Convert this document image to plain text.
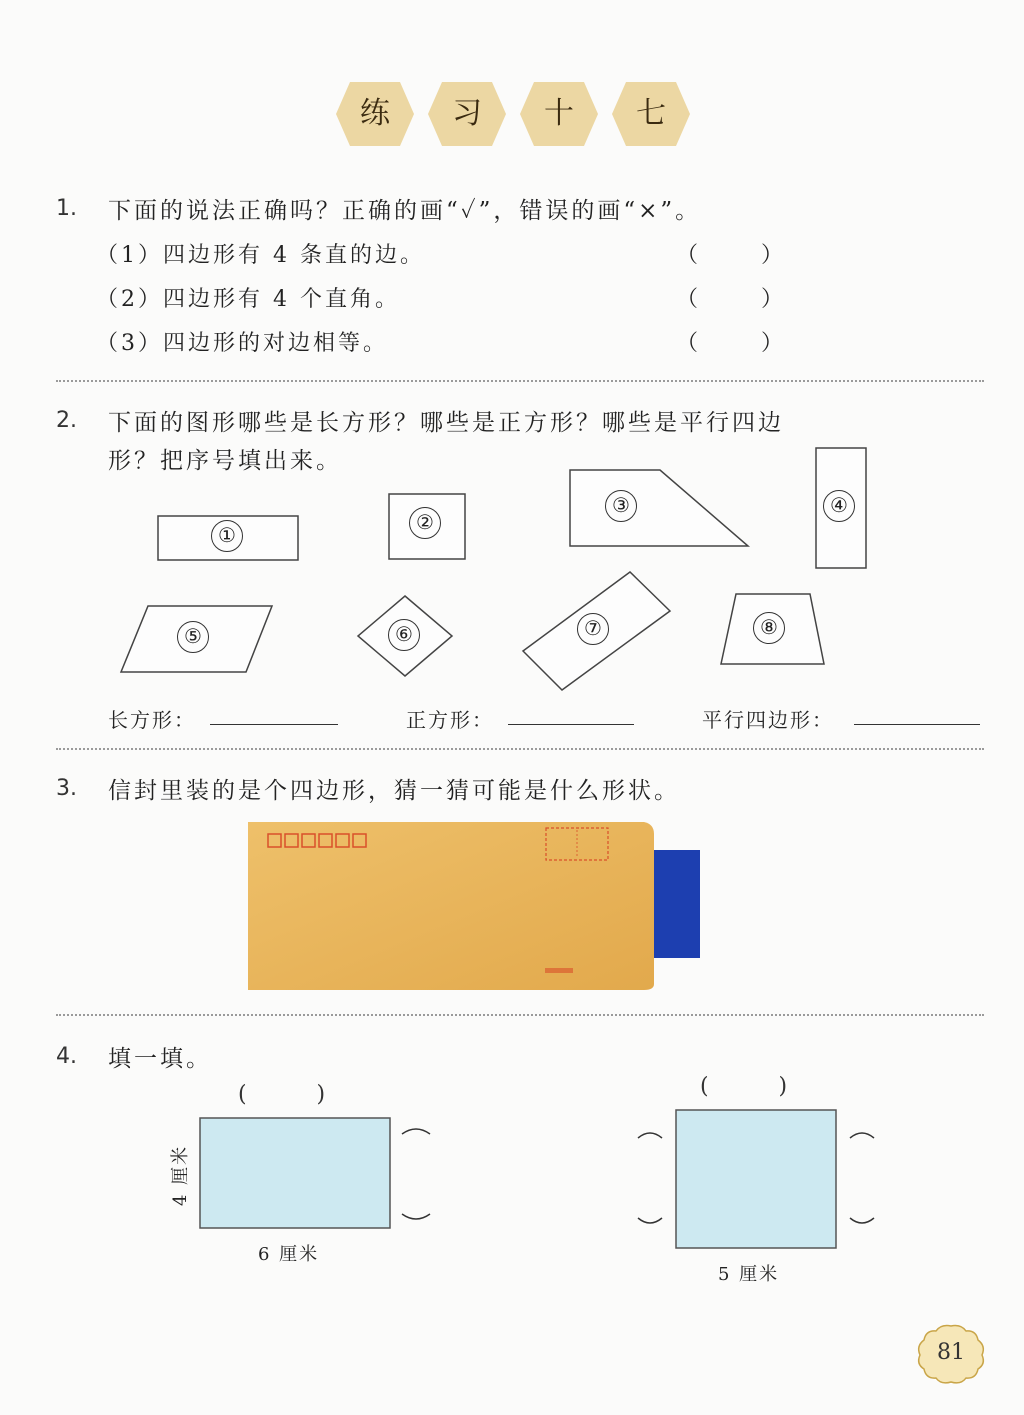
练	习	十	七
1. 下面的说法正确吗？正确的画“✓”，错误的画“×”。
（1）四边形有 4 条直的边。	（ ）
（2）四边形有 4 个直角。	（ ）
（3）四边形的对边相等。	（ ）
2. 下面的图形哪些是长方形？哪些是正方形？哪些是平行四边
形？把序号填出来。
①
②
③	④
⑤	⑥	⑦	⑧
长方形：	正方形：	平行四边形：
3. 信封里装的是个四边形，猜一猜可能是什么形状。
4. 填一填。
(          )
4 厘米
6 厘米
(          )
5 厘米
81
